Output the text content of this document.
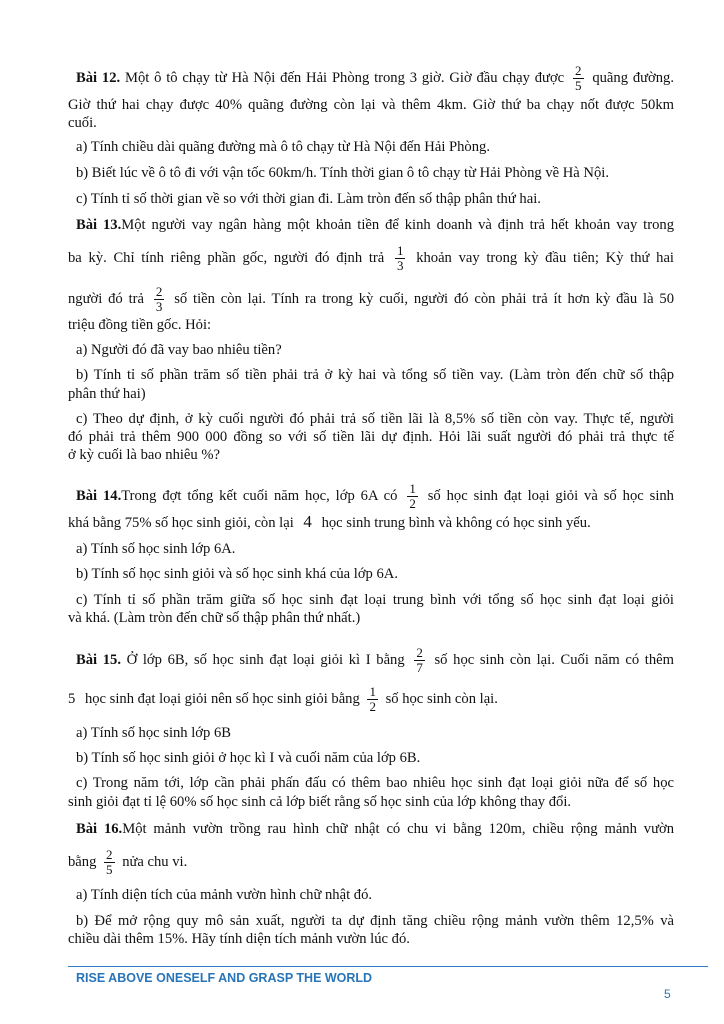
Bài 12. Một ô tô chạy từ Hà Nội đến Hải Phòng trong 3 giờ. Giờ đầu chạy được $\frac{2}{5}$ quãng đường.
Giờ thứ hai chạy được 40% quãng đường còn lại và thêm 4km. Giờ thứ ba chạy nốt được 50km
cuối.
a) Tính chiều dài quãng đường mà ô tô chạy từ Hà Nội đến Hải Phòng.
b) Biết lúc về ô tô đi với vận tốc 60km/h. Tính thời gian ô tô chạy từ Hải Phòng về Hà Nội.
c) Tính tỉ số thời gian về so với thời gian đi. Làm tròn đến số thập phân thứ hai.
Bài 13.Một người vay ngân hàng một khoản tiền để kinh doanh và định trả hết khoản vay trong
ba kỳ. Chỉ tính riêng phần gốc, người đó định trả $\frac{1}{3}$ khoản vay trong kỳ đầu tiên; Kỳ thứ hai
người đó trả $\frac{2}{3}$ số tiền còn lại. Tính ra trong kỳ cuối, người đó còn phải trả ít hơn kỳ đầu là 50
triệu đồng tiền gốc. Hỏi:
a) Người đó đã vay bao nhiêu tiền?
b) Tính tỉ số phần trăm số tiền phải trả ở kỳ hai và tổng số tiền vay. (Làm tròn đến chữ số thập
phân thứ hai)
c) Theo dự định, ở kỳ cuối người đó phải trả số tiền lãi là 8,5% số tiền còn vay. Thực tế, người
đó phải trả thêm 900 000 đồng so với số tiền lãi dự định. Hỏi lãi suất người đó phải trả thực tế
ở kỳ cuối là bao nhiêu %?
Bài 14.Trong đợt tổng kết cuối năm học, lớp 6A có $\frac{1}{2}$ số học sinh đạt loại giỏi và số học sinh
khá bằng 75% số học sinh giỏi, còn lại 4 học sinh trung bình và không có học sinh yếu.
a) Tính số học sinh lớp 6A.
b) Tính số học sinh giỏi và số học sinh khá của lớp 6A.
c) Tính tỉ số phần trăm giữa số học sinh đạt loại trung bình với tổng số học sinh đạt loại giỏi
và khá. (Làm tròn đến chữ số thập phân thứ nhất.)
Bài 15. Ở lớp 6B, số học sinh đạt loại giỏi kì I bằng $\frac{2}{7}$ số học sinh còn lại. Cuối năm có thêm
5 học sinh đạt loại giỏi nên số học sinh giỏi bằng $\frac{1}{2}$ số học sinh còn lại.
a) Tính số học sinh lớp 6B
b) Tính số học sinh giỏi ở học kì I và cuối năm của lớp 6B.
c) Trong năm tới, lớp cần phải phấn đấu có thêm bao nhiêu học sinh đạt loại giỏi nữa để số học
sinh giỏi đạt tỉ lệ 60% số học sinh cả lớp biết rằng số học sinh của lớp không thay đổi.
Bài 16.Một mảnh vườn trồng rau hình chữ nhật có chu vi bằng 120m, chiều rộng mảnh vườn
bằng $\frac{2}{5}$ nửa chu vi.
a) Tính diện tích của mảnh vườn hình chữ nhật đó.
b) Để mở rộng quy mô sản xuất, người ta dự định tăng chiều rộng mảnh vườn thêm 12,5% và
chiều dài thêm 15%. Hãy tính diện tích mảnh vườn lúc đó.
RISE ABOVE ONESELF AND GRASP THE WORLD
5
